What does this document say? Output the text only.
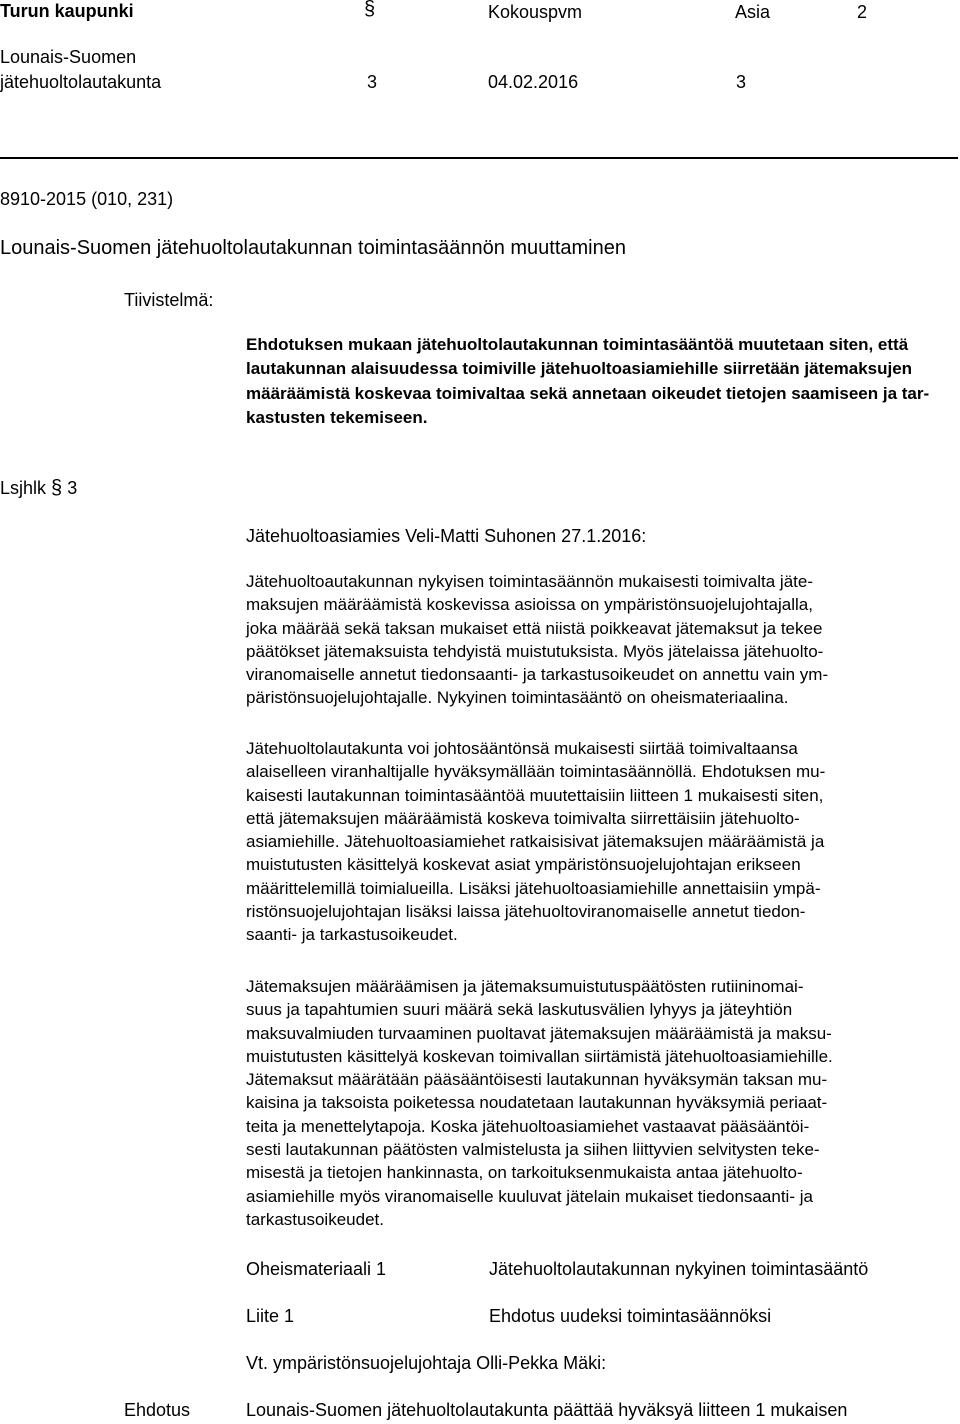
Turun kaupunki	§	Kokouspvm	Asia	2
Lounais-Suomen
jätehuoltolautakunta	3	04.02.2016	3
8910-2015 (010, 231)
Lounais-Suomen jätehuoltolautakunnan toimintasäännön muuttaminen
Tiivistelmä:
Ehdotuksen mukaan jätehuoltolautakunnan toimintasääntöä muutetaan siten, että
lautakunnan alaisuudessa toimiville jätehuoltoasiamiehille siirretään jätemaksujen
määräämistä koskevaa toimivaltaa sekä annetaan oikeudet tietojen saamiseen ja tar-
kastusten tekemiseen.
Lsjhlk § 3
Jätehuoltoasiamies Veli-Matti Suhonen 27.1.2016:
Jätehuoltoautakunnan nykyisen toimintasäännön mukaisesti toimivalta jäte-
maksujen määräämistä koskevissa asioissa on ympäristönsuojelujohtajalla,
joka määrää sekä taksan mukaiset että niistä poikkeavat jätemaksut ja tekee
päätökset jätemaksuista tehdyistä muistutuksista. Myös jätelaissa jätehuolto-
viranomaiselle annetut tiedonsaanti- ja tarkastusoikeudet on annettu vain ym-
päristönsuojelujohtajalle. Nykyinen toimintasääntö on oheismateriaalina.
Jätehuoltolautakunta voi johtosääntönsä mukaisesti siirtää toimivaltaansa
alaiselleen viranhaltijalle hyväksymällään toimintasäännöllä. Ehdotuksen mu-
kaisesti lautakunnan toimintasääntöä muutettaisiin liitteen 1 mukaisesti siten,
että jätemaksujen määräämistä koskeva toimivalta siirrettäisiin jätehuolto-
asiamiehille. Jätehuoltoasiamiehet ratkaisisivat jätemaksujen määräämistä ja
muistutusten käsittelyä koskevat asiat ympäristönsuojelujohtajan erikseen
määrittelemillä toimialueilla. Lisäksi jätehuoltoasiamiehille annettaisiin ympä-
ristönsuojelujohtajan lisäksi laissa jätehuoltoviranomaiselle annetut tiedon-
saanti- ja tarkastusoikeudet.
Jätemaksujen määräämisen ja jätemaksumuistutuspäätösten rutiininomai-
suus ja tapahtumien suuri määrä sekä laskutusvälien lyhyys ja jäteyhtiön
maksuvalmiuden turvaaminen puoltavat jätemaksujen määräämistä ja maksu-
muistutusten käsittelyä koskevan toimivallan siirtämistä jätehuoltoasiamiehille.
Jätemaksut määrätään pääsääntöisesti lautakunnan hyväksymän taksan mu-
kaisina ja taksoista poiketessa noudatetaan lautakunnan hyväksymiä periaat-
teita ja menettelytapoja. Koska jätehuoltoasiamiehet vastaavat pääsääntöi-
sesti lautakunnan päätösten valmistelusta ja siihen liittyvien selvitysten teke-
misestä ja tietojen hankinnasta, on tarkoituksenmukaista antaa jätehuolto-
asiamiehille myös viranomaiselle kuuluvat jätelain mukaiset tiedonsaanti- ja
tarkastusoikeudet.
Oheismateriaali 1	Jätehuoltolautakunnan nykyinen toimintasääntö
Liite 1	Ehdotus uudeksi toimintasäännöksi
Vt. ympäristönsuojelujohtaja Olli-Pekka Mäki:
Ehdotus	Lounais-Suomen jätehuoltolautakunta päättää hyväksyä liitteen 1 mukaisen
